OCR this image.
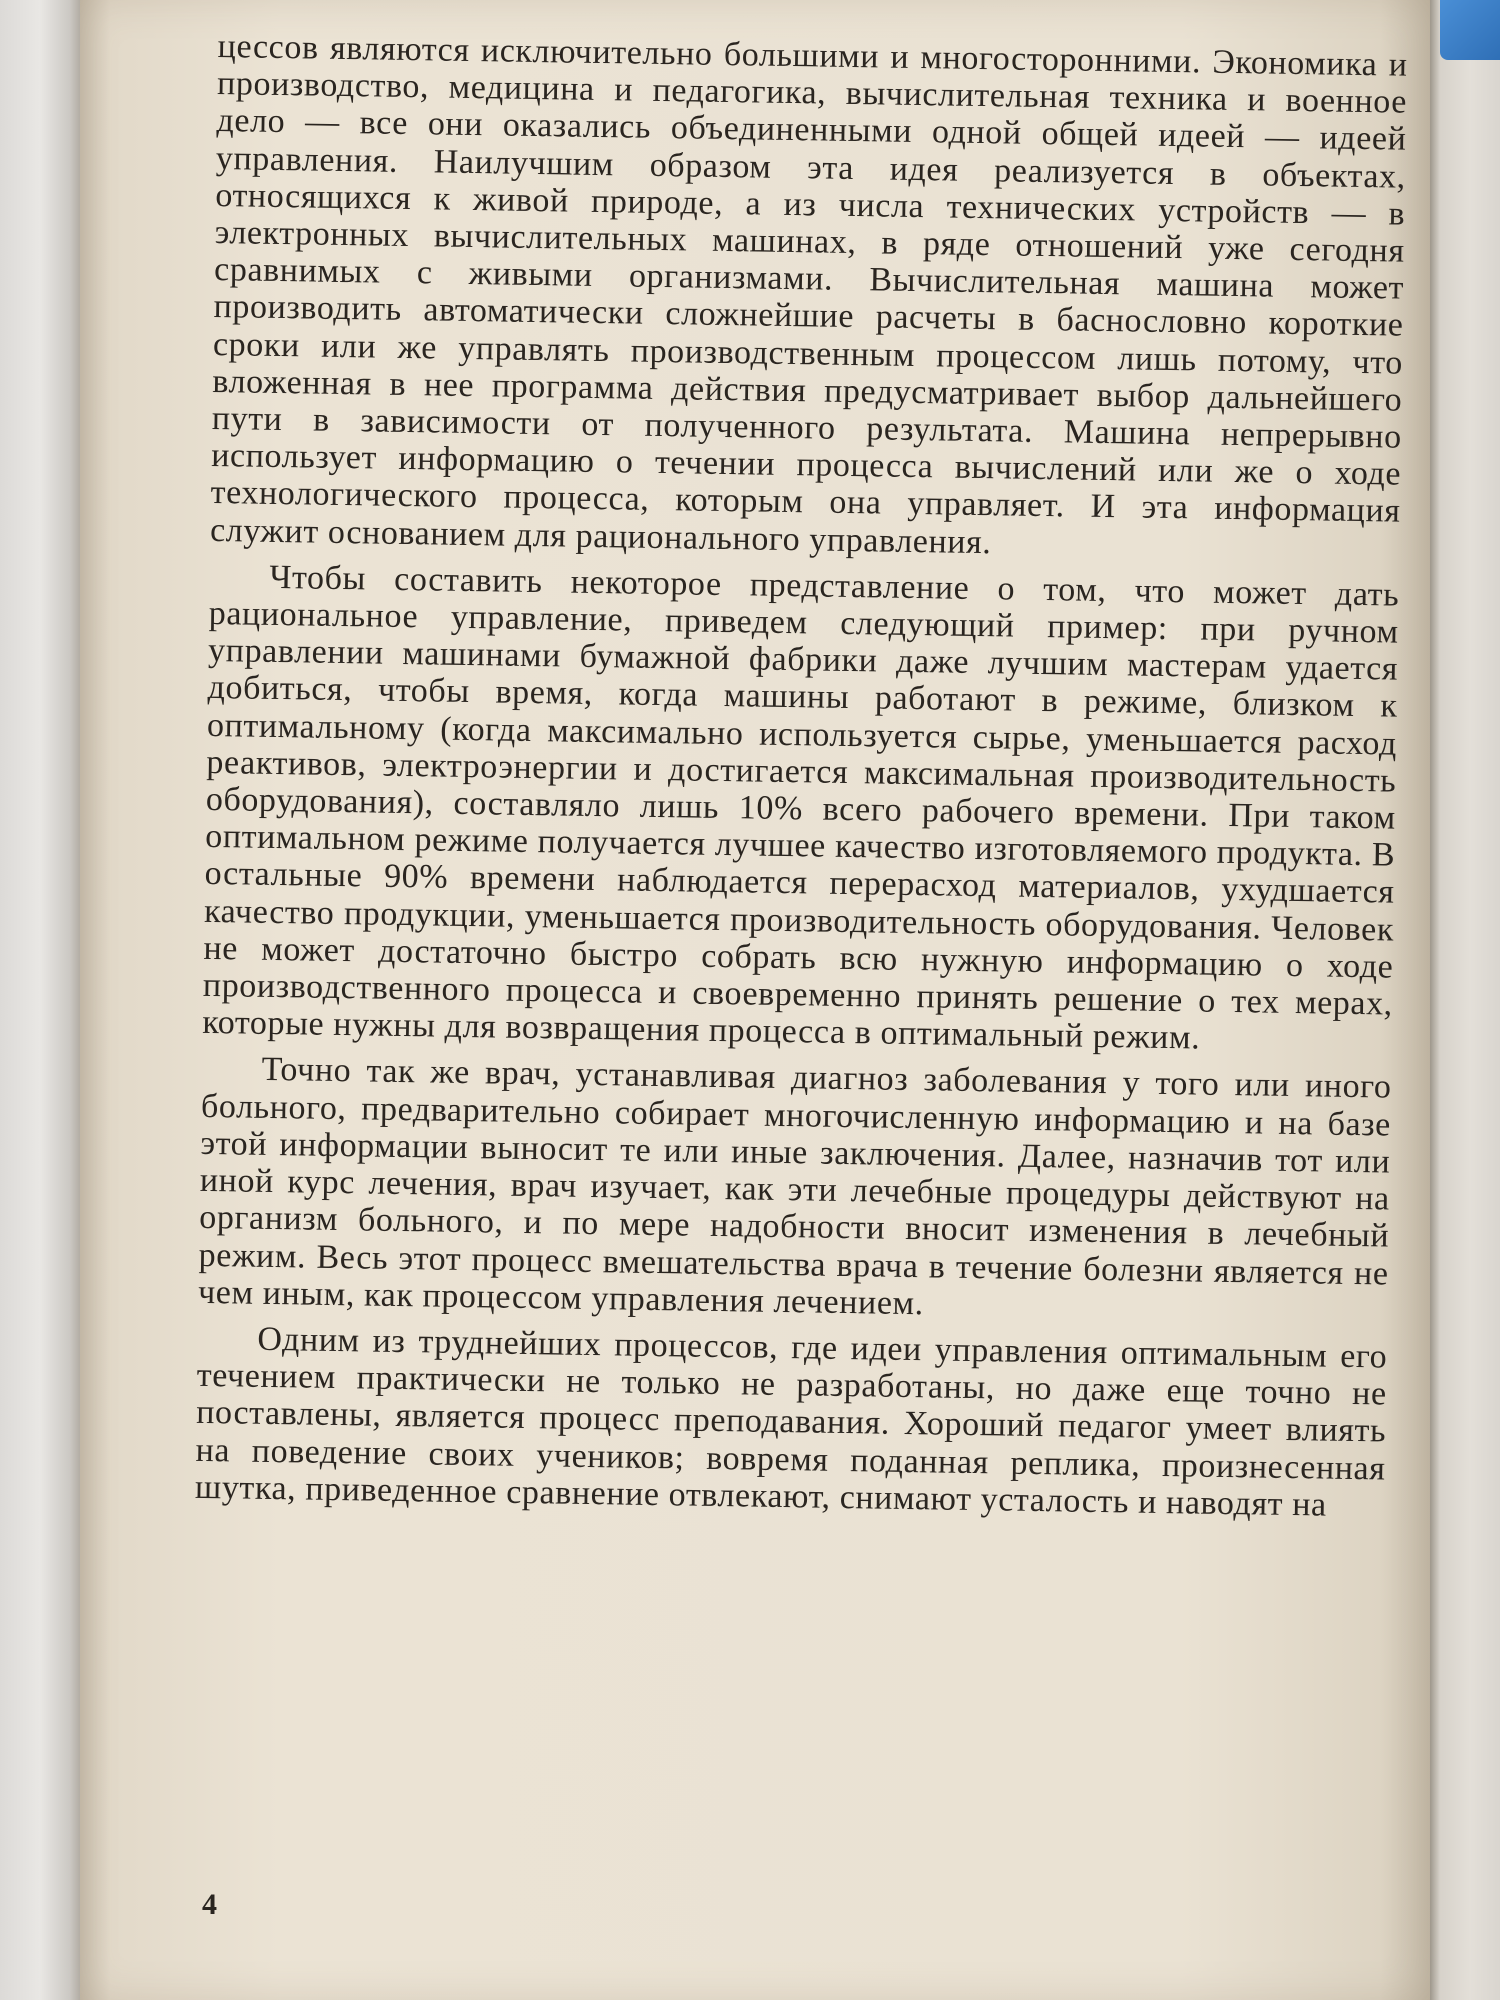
цессов являются исключительно большими и многосторонними. Экономика и производство, медицина и педагогика, вычислительная техника и военное дело — все они оказались объединенными одной общей идеей — идеей управления. Наилучшим образом эта идея реализуется в объектах, относящихся к живой природе, а из числа технических устройств — в электронных вычислительных машинах, в ряде отношений уже сегодня сравнимых с живыми организмами. Вычислительная машина может производить автоматически сложнейшие расчеты в баснословно короткие сроки или же управлять производственным процессом лишь потому, что вложенная в нее программа действия предусматривает выбор дальнейшего пути в зависимости от полученного результата. Машина непрерывно использует информацию о течении процесса вычислений или же о ходе технологического процесса, которым она управляет. И эта информация служит основанием для рационального управления.

Чтобы составить некоторое представление о том, что может дать рациональное управление, приведем следующий пример: при ручном управлении машинами бумажной фабрики даже лучшим мастерам удается добиться, чтобы время, когда машины работают в режиме, близком к оптимальному (когда максимально используется сырье, уменьшается расход реактивов, электроэнергии и достигается максимальная производительность оборудования), составляло лишь 10% всего рабочего времени. При таком оптимальном режиме получается лучшее качество изготовляемого продукта. В остальные 90% времени наблюдается перерасход материалов, ухудшается качество продукции, уменьшается производительность оборудования. Человек не может достаточно быстро собрать всю нужную информацию о ходе производственного процесса и своевременно принять решение о тех мерах, которые нужны для возвращения процесса в оптимальный режим.

Точно так же врач, устанавливая диагноз заболевания у того или иного больного, предварительно собирает многочисленную информацию и на базе этой информации выносит те или иные заключения. Далее, назначив тот или иной курс лечения, врач изучает, как эти лечебные процедуры действуют на организм больного, и по мере надобности вносит изменения в лечебный режим. Весь этот процесс вмешательства врача в течение болезни является не чем иным, как процессом управления лечением.

Одним из труднейших процессов, где идеи управления оптимальным его течением практически не только не разработаны, но даже еще точно не поставлены, является процесс преподавания. Хороший педагог умеет влиять на поведение своих учеников; вовремя поданная реплика, произнесенная шутка, приведенное сравнение отвлекают, снимают усталость и наводят на

4
